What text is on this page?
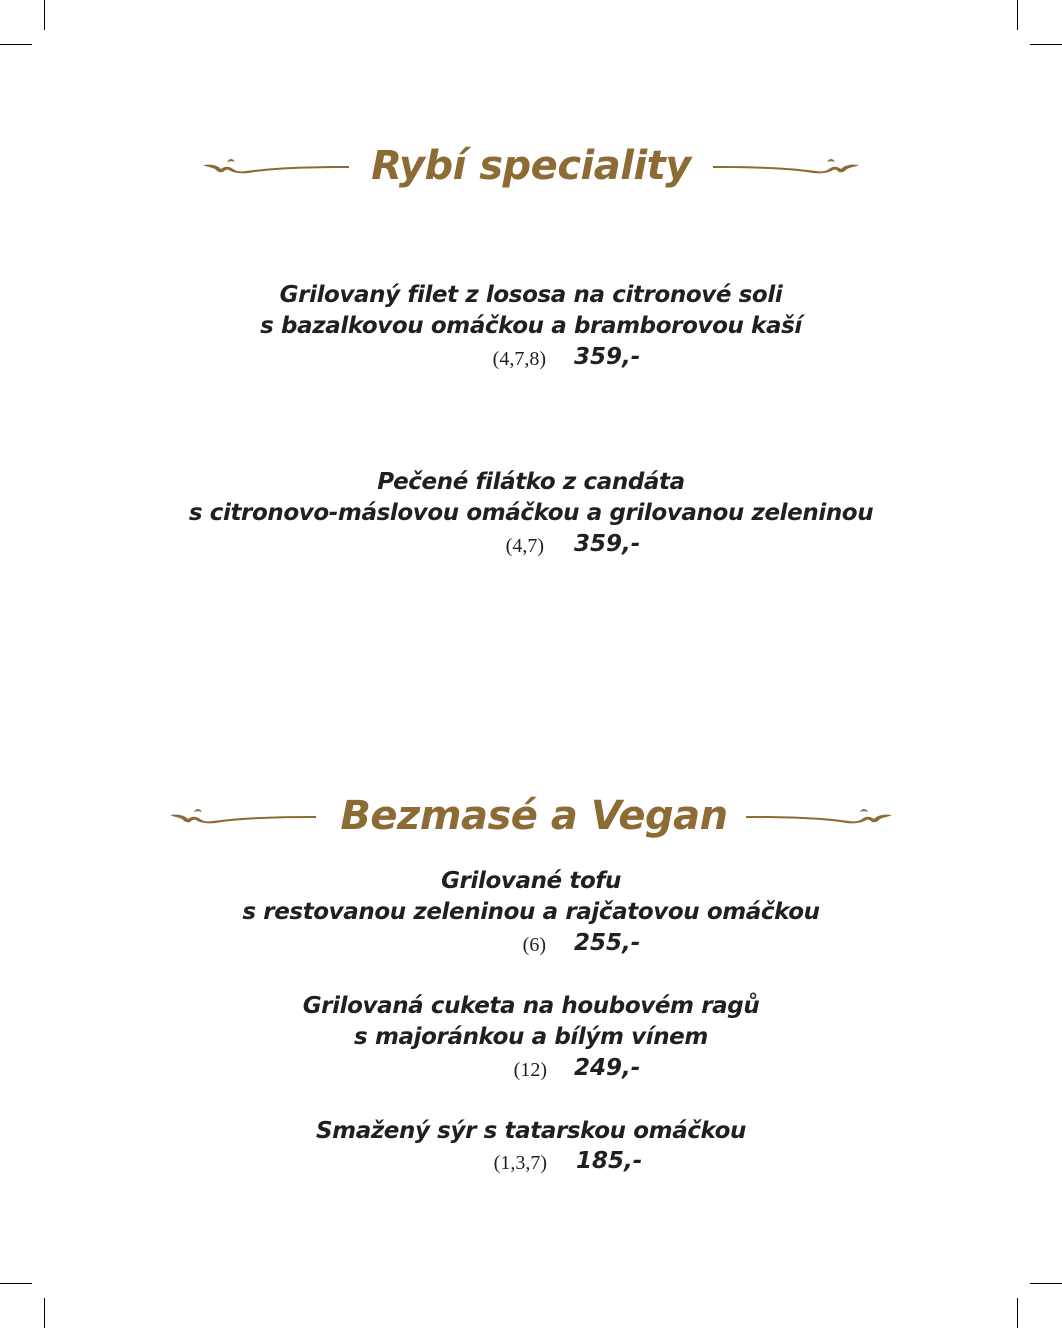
Rybí speciality
Grilovaný filet z lososa na citronové soli
s bazalkovou omáčkou a bramborovou kaší
(4,7,8) 359,-
Pečené filátko z candáta
s citronovo-máslovou omáčkou a grilovanou zeleninou
(4,7) 359,-
Bezmasé a Vegan
Grilované tofu
s restovanou zeleninou a rajčatovou omáčkou
(6) 255,-
Grilovaná cuketa na houbovém ragů
s majoránkou a bílým vínem
(12) 249,-
Smažený sýr s tatarskou omáčkou
(1,3,7) 185,-
